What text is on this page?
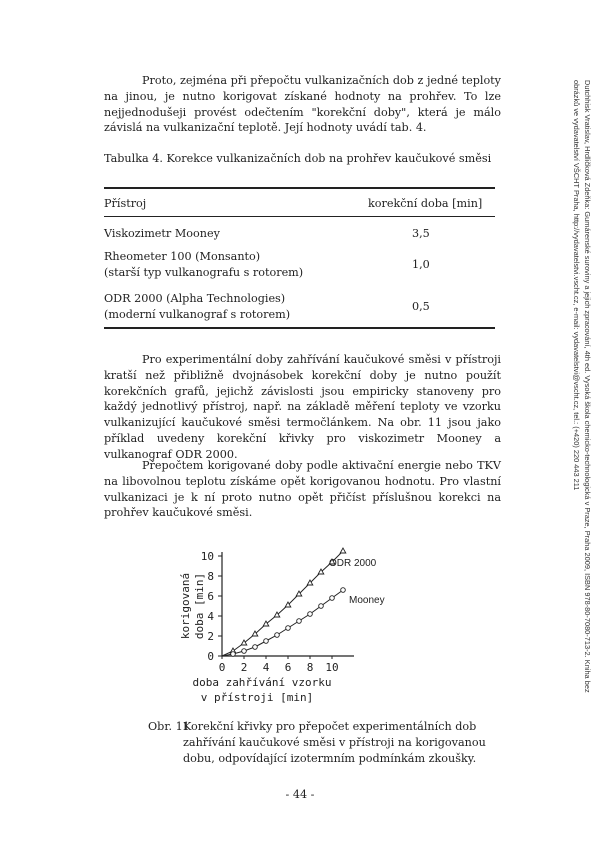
Dutchhisk Vratislav, Hrdličková Zdeňka: Gumárenské suroviny a jejich zpracování, 4th ed. Vysoká škola chemicko-technologická v Praze, Praha 2009, ISBN 978-80-7080-713-2. Kniha bez obrázků ve vydavatelství VŠCHT Praha, http://vydavatelstvi.vscht.cz, e-mail: vydavatelstvi@vscht.cz, tel.: (+420) 220 443 211

Proto, zejména při přepočtu vulkanizačních dob z jedné teploty na jinou, je nutno korigovat získané hodnoty na prohřev. To lze nejjednodušeji provést odečtením "korekční doby", která je málo závislá na vulkanizační teplotě. Její hodnoty uvádí tab. 4.

Tabulka 4. Korekce vulkanizačních dob na prohřev kaučukové směsi
Přístroj	korekční doba [min]
Viskozimetr Mooney	3,5
Rheometer 100 (Monsanto)
(starší typ vulkanografu s rotorem)
1,0
ODR 2000 (Alpha Technologies)
(moderní vulkanograf s rotorem)
0,5

Pro experimentální doby zahřívání kaučukové směsi v přístroji kratší než přibližně dvojnásobek korekční doby je nutno použít korekčních grafů, jejichž závislosti jsou empiricky stanoveny pro každý jednotlivý přístroj, např. na základě měření teploty ve vzorku vulkanizující kaučukové směsi termočlánkem. Na obr. 11 jsou jako příklad uvedeny korekční křivky pro viskozimetr Mooney a vulkanograf ODR 2000.

Přepočtem korigované doby podle aktivační energie nebo TKV na libovolnou teplotu získáme opět korigovanou hodnotu. Pro vlastní vulkanizaci je k ní proto nutno opět přičíst příslušnou korekci na prohřev kaučukové směsi.

0
2
4
6
8
10
0 2 4 6 8 10
korigovaná doba [min]
doba zahřívání vzorku
v přístroji [min]
ODR 2000
Mooney
Obr. 11
Korekční křivky pro přepočet experimentálních dob zahřívání kaučukové směsi v přístroji na korigovanou dobu, odpovídající izotermním podmínkám zkoušky.
- 44 -
